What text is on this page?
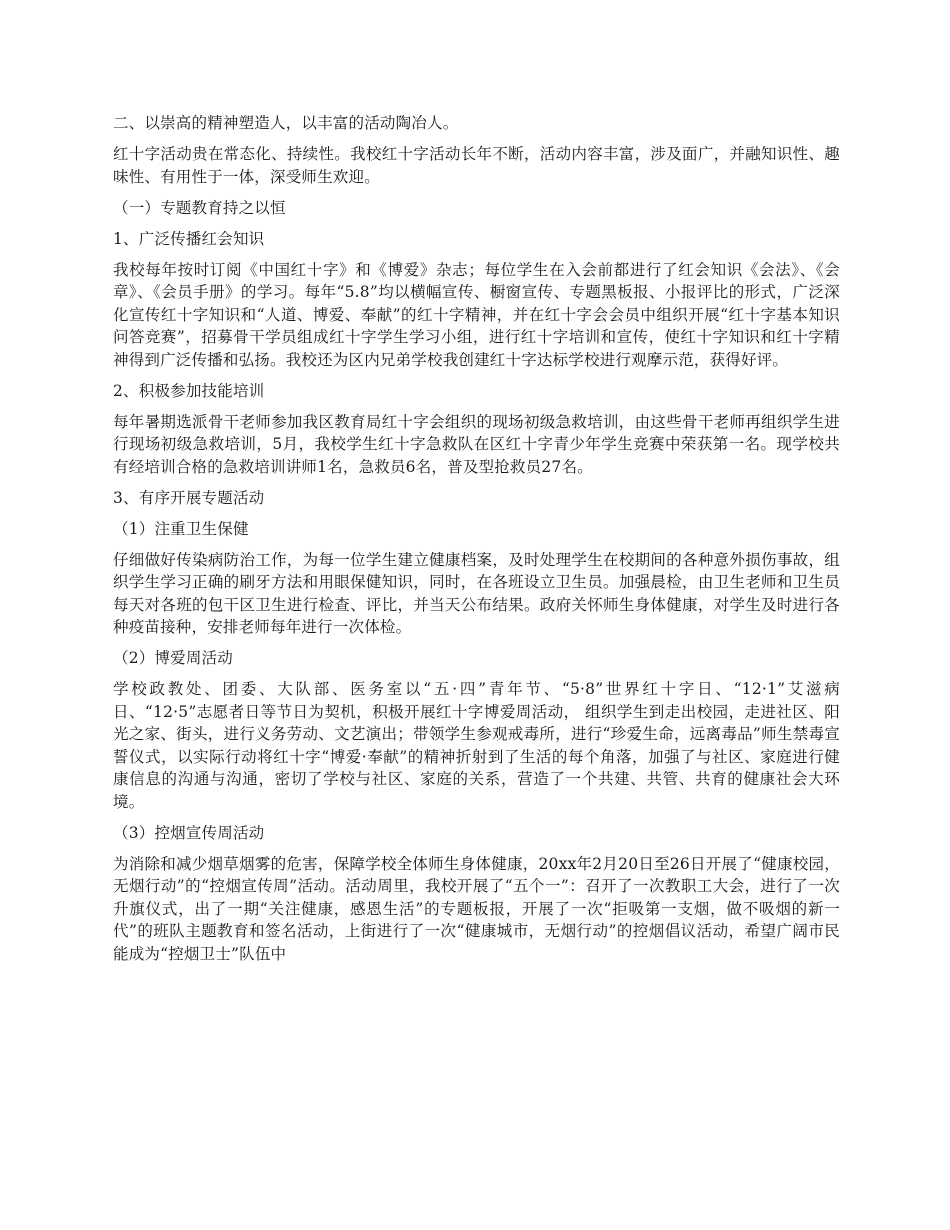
二、以崇高的精神塑造人，以丰富的活动陶冶人。

红十字活动贵在常态化、持续性。我校红十字活动长年不断，活动内容丰富，涉及面广，并融知识性、趣味性、有用性于一体，深受师生欢迎。

（一）专题教育持之以恒

1、广泛传播红会知识

我校每年按时订阅《中国红十字》和《博爱》杂志；每位学生在入会前都进行了红会知识《会法》、《会章》、《会员手册》的学习。每年“5.8”均以横幅宣传、橱窗宣传、专题黑板报、小报评比的形式，广泛深化宣传红十字知识和“人道、博爱、奉献”的红十字精神，并在红十字会会员中组织开展“红十字基本知识问答竞赛”，招募骨干学员组成红十字学生学习小组，进行红十字培训和宣传，使红十字知识和红十字精神得到广泛传播和弘扬。我校还为区内兄弟学校我创建红十字达标学校进行观摩示范，获得好评。

2、积极参加技能培训

每年暑期选派骨干老师参加我区教育局红十字会组织的现场初级急救培训，由这些骨干老师再组织学生进行现场初级急救培训，5月，我校学生红十字急救队在区红十字青少年学生竞赛中荣获第一名。现学校共有经培训合格的急救培训讲师1名，急救员6名，普及型抢救员27名。

3、有序开展专题活动

（1）注重卫生保健

仔细做好传染病防治工作，为每一位学生建立健康档案，及时处理学生在校期间的各种意外损伤事故，组织学生学习正确的刷牙方法和用眼保健知识，同时，在各班设立卫生员。加强晨检，由卫生老师和卫生员每天对各班的包干区卫生进行检查、评比，并当天公布结果。政府关怀师生身体健康，对学生及时进行各种疫苗接种，安排老师每年进行一次体检。

（2）博爱周活动

学校政教处、团委、大队部、医务室以“五·四”青年节、“5·8”世界红十字日、“12·1”艾滋病日、“12·5”志愿者日等节日为契机，积极开展红十字博爱周活动， 组织学生到走出校园，走进社区、阳光之家、街头，进行义务劳动、文艺演出；带领学生参观戒毒所，进行“珍爱生命，远离毒品”师生禁毒宣誓仪式，以实际行动将红十字“博爱·奉献”的精神折射到了生活的每个角落，加强了与社区、家庭进行健康信息的沟通与沟通，密切了学校与社区、家庭的关系，营造了一个共建、共管、共育的健康社会大环境。

（3）控烟宣传周活动

为消除和减少烟草烟雾的危害，保障学校全体师生身体健康，20xx年2月20日至26日开展了“健康校园，无烟行动”的“控烟宣传周”活动。活动周里，我校开展了“五个一”：召开了一次教职工大会，进行了一次升旗仪式，出了一期“关注健康，感恩生活”的专题板报，开展了一次“拒吸第一支烟，做不吸烟的新一代”的班队主题教育和签名活动，上街进行了一次“健康城市，无烟行动”的控烟倡议活动，希望广阔市民能成为“控烟卫士”队伍中
